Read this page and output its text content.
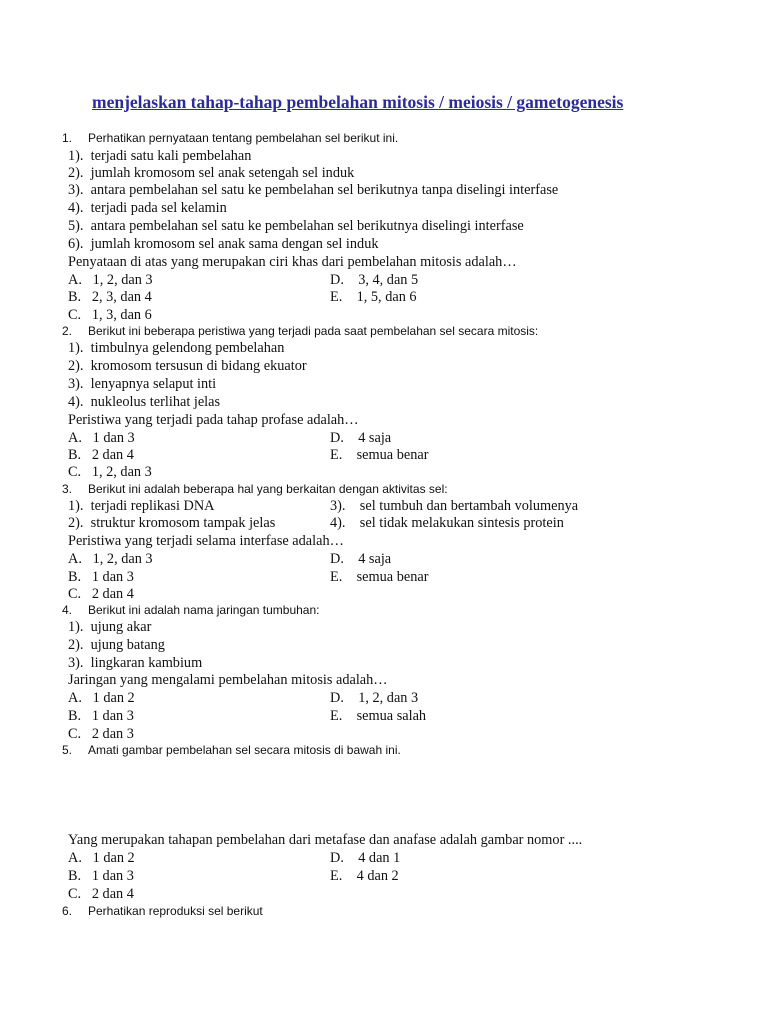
menjelaskan tahap-tahap pembelahan mitosis / meiosis / gametogenesis
1. Perhatikan pernyataan tentang pembelahan sel berikut ini.
1).  terjadi satu kali pembelahan
2).  jumlah kromosom sel anak setengah sel induk
3).  antara pembelahan sel satu ke pembelahan sel berikutnya tanpa diselingi interfase
4).  terjadi pada sel kelamin
5).  antara pembelahan sel satu ke pembelahan sel berikutnya diselingi interfase
6).  jumlah kromosom sel anak sama dengan sel induk
Penyataan di atas yang merupakan ciri khas dari pembelahan mitosis adalah…
A.   1, 2, dan 3
B.   2, 3, dan 4
C.   1, 3, dan 6
D.    3, 4, dan 5
E.    1, 5, dan 6
2. Berikut ini beberapa peristiwa yang terjadi pada saat pembelahan sel secara mitosis:
1).  timbulnya gelendong pembelahan
2).  kromosom tersusun di bidang ekuator
3).  lenyapnya selaput inti
4).  nukleolus terlihat jelas
Peristiwa yang terjadi pada tahap profase adalah…
A.   1 dan 3
B.   2 dan 4
C.   1, 2, dan 3
D.    4 saja
E.    semua benar
3. Berikut ini adalah beberapa hal yang berkaitan dengan aktivitas sel:
1).  terjadi replikasi DNA
2).  struktur kromosom tampak jelas
3).    sel tumbuh dan bertambah volumenya
4).    sel tidak melakukan sintesis protein
Peristiwa yang terjadi selama interfase adalah…
A.   1, 2, dan 3
B.   1 dan 3
C.   2 dan 4
D.    4 saja
E.    semua benar
4. Berikut ini adalah nama jaringan tumbuhan:
1).  ujung akar
2).  ujung batang
3).  lingkaran kambium
Jaringan yang mengalami pembelahan mitosis adalah…
A.   1 dan 2
B.   1 dan 3
C.   2 dan 3
D.    1, 2, dan 3
E.    semua salah
5. Amati gambar pembelahan sel secara mitosis di bawah ini.
Yang merupakan tahapan pembelahan dari metafase dan anafase adalah gambar nomor ....
A.   1 dan 2
B.   1 dan 3
C.   2 dan 4
D.    4 dan 1
E.    4 dan 2
6. Perhatikan reproduksi sel berikut
